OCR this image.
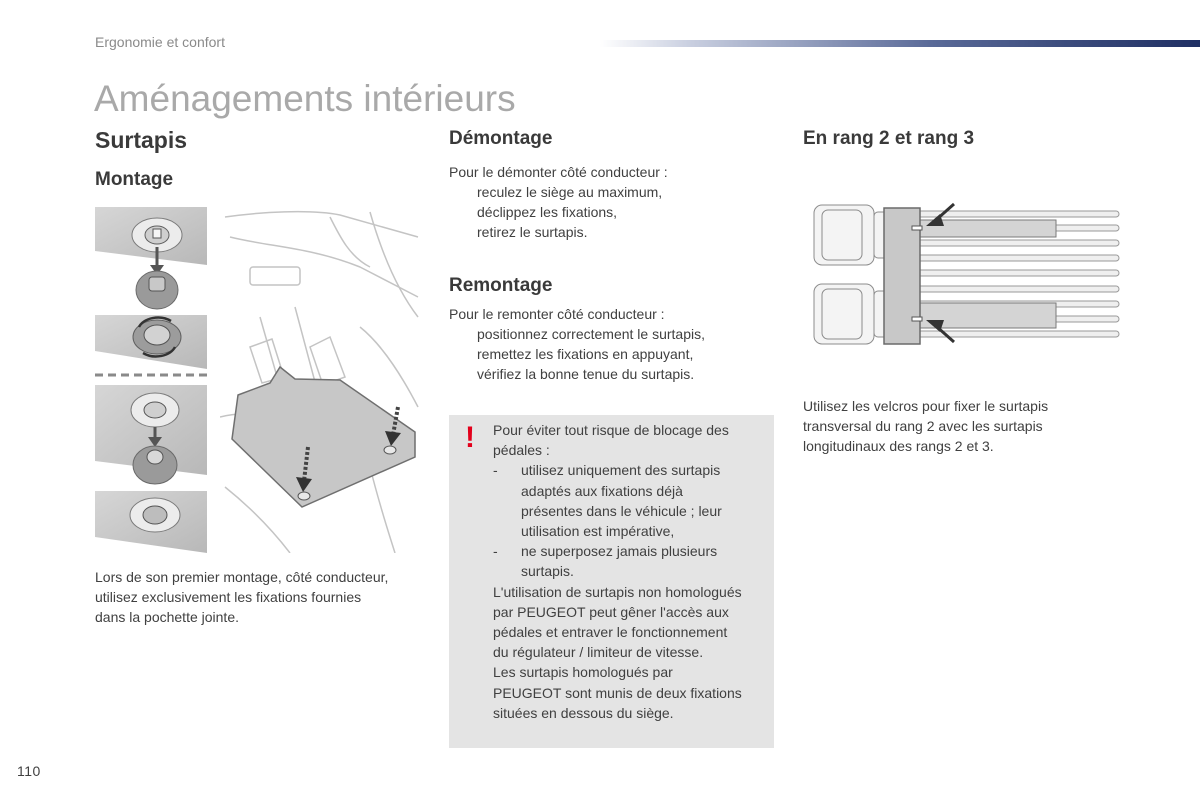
Ergonomie et confort
Aménagements intérieurs
Surtapis
Montage
Lors de son premier montage, côté conducteur,
utilisez exclusivement les fixations fournies
dans la pochette jointe.
Démontage
Pour le démonter côté conducteur :
reculez le siège au maximum,
déclippez les fixations,
retirez le surtapis.
Remontage
Pour le remonter côté conducteur :
positionnez correctement le surtapis,
remettez les fixations en appuyant,
vérifiez la bonne tenue du surtapis.
! Pour éviter tout risque de blocage des
pédales :

- utilisez uniquement des surtapis
adaptés aux fixations déjà
présentes dans le véhicule ; leur
utilisation est impérative,
- ne superposez jamais plusieurs
surtapis.

L'utilisation de surtapis non homologués
par PEUGEOT peut gêner l'accès aux
pédales et entraver le fonctionnement
du régulateur / limiteur de vitesse.

Les surtapis homologués par
PEUGEOT sont munis de deux fixations
situées en dessous du siège.

En rang 2 et rang 3
Utilisez les velcros pour fixer le surtapis
transversal du rang 2 avec les surtapis
longitudinaux des rangs 2 et 3.
110
